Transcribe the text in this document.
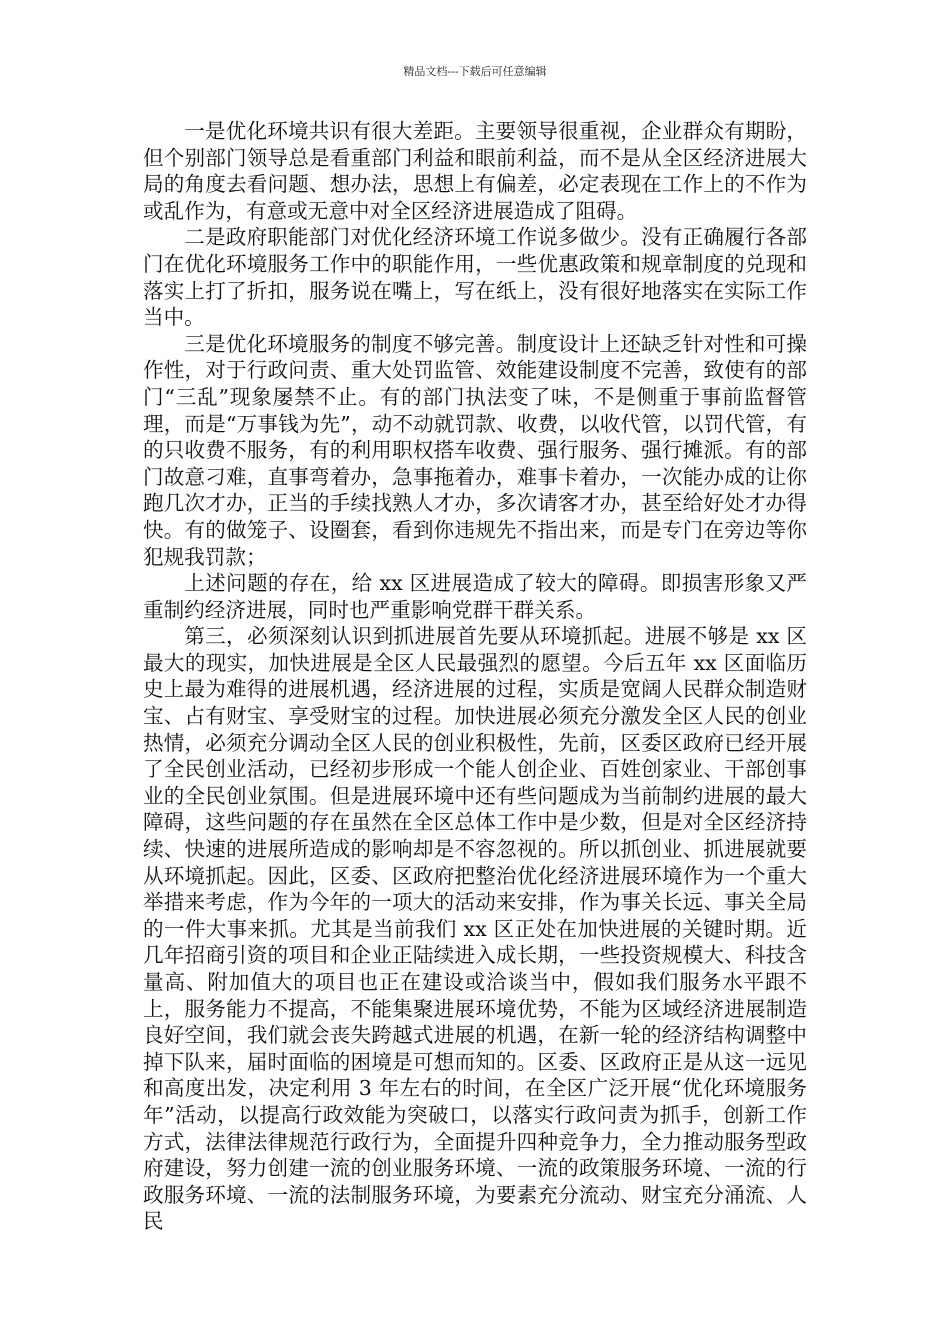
精品文档---下载后可任意编辑

一是优化环境共识有很大差距。主要领导很重视，企业群众有期盼，但个别部门领导总是看重部门利益和眼前利益，而不是从全区经济进展大局的角度去看问题、想办法，思想上有偏差，必定表现在工作上的不作为或乱作为，有意或无意中对全区经济进展造成了阻碍。

二是政府职能部门对优化经济环境工作说多做少。没有正确履行各部门在优化环境服务工作中的职能作用，一些优惠政策和规章制度的兑现和落实上打了折扣，服务说在嘴上，写在纸上，没有很好地落实在实际工作当中。

三是优化环境服务的制度不够完善。制度设计上还缺乏针对性和可操作性，对于行政问责、重大处罚监管、效能建设制度不完善，致使有的部门“三乱”现象屡禁不止。有的部门执法变了味，不是侧重于事前监督管理，而是“万事钱为先”，动不动就罚款、收费，以收代管，以罚代管，有的只收费不服务，有的利用职权搭车收费、强行服务、强行摊派。有的部门故意刁难，直事弯着办，急事拖着办，难事卡着办，一次能办成的让你跑几次才办，正当的手续找熟人才办，多次请客才办，甚至给好处才办得快。有的做笼子、设圈套，看到你违规先不指出来，而是专门在旁边等你犯规我罚款；

上述问题的存在，给 xx 区进展造成了较大的障碍。即损害形象又严重制约经济进展，同时也严重影响党群干群关系。

第三，必须深刻认识到抓进展首先要从环境抓起。进展不够是 xx 区最大的现实，加快进展是全区人民最强烈的愿望。今后五年 xx 区面临历史上最为难得的进展机遇，经济进展的过程，实质是宽阔人民群众制造财宝、占有财宝、享受财宝的过程。加快进展必须充分激发全区人民的创业热情，必须充分调动全区人民的创业积极性，先前，区委区政府已经开展了全民创业活动，已经初步形成一个能人创企业、百姓创家业、干部创事业的全民创业氛围。但是进展环境中还有些问题成为当前制约进展的最大障碍，这些问题的存在虽然在全区总体工作中是少数，但是对全区经济持续、快速的进展所造成的影响却是不容忽视的。所以抓创业、抓进展就要从环境抓起。因此，区委、区政府把整治优化经济进展环境作为一个重大举措来考虑，作为今年的一项大的活动来安排，作为事关长远、事关全局的一件大事来抓。尤其是当前我们 xx 区正处在加快进展的关键时期。近几年招商引资的项目和企业正陆续进入成长期，一些投资规模大、科技含量高、附加值大的项目也正在建设或洽谈当中，假如我们服务水平跟不上，服务能力不提高，不能集聚进展环境优势，不能为区域经济进展制造良好空间，我们就会丧失跨越式进展的机遇，在新一轮的经济结构调整中掉下队来，届时面临的困境是可想而知的。区委、区政府正是从这一远见和高度出发，决定利用 3 年左右的时间，在全区广泛开展“优化环境服务年”活动，以提高行政效能为突破口，以落实行政问责为抓手，创新工作方式，法律法律规范行政行为，全面提升四种竞争力，全力推动服务型政府建设，努力创建一流的创业服务环境、一流的政策服务环境、一流的行政服务环境、一流的法制服务环境，为要素充分流动、财宝充分涌流、人民
